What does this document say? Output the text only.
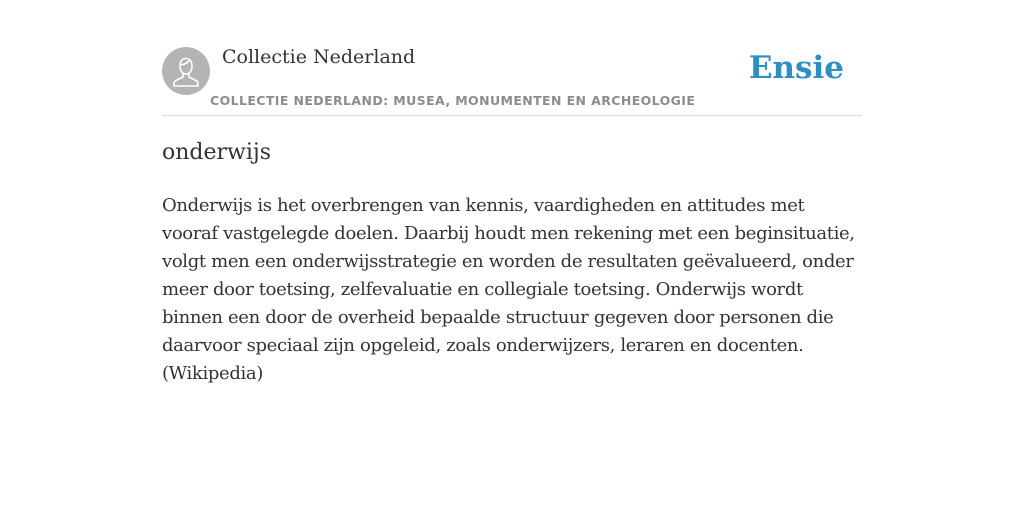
Collectie Nederland
COLLECTIE NEDERLAND: MUSEA, MONUMENTEN EN ARCHEOLOGIE
Ensie
onderwijs

Onderwijs is het overbrengen van kennis, vaardigheden en attitudes met vooraf vastgelegde doelen. Daarbij houdt men rekening met een beginsituatie, volgt men een onderwijsstrategie en worden de resultaten geëvalueerd, onder meer door toetsing, zelfevaluatie en collegiale toetsing. Onderwijs wordt binnen een door de overheid bepaalde structuur gegeven door personen die daarvoor speciaal zijn opgeleid, zoals onderwijzers, leraren en docenten. (Wikipedia)
